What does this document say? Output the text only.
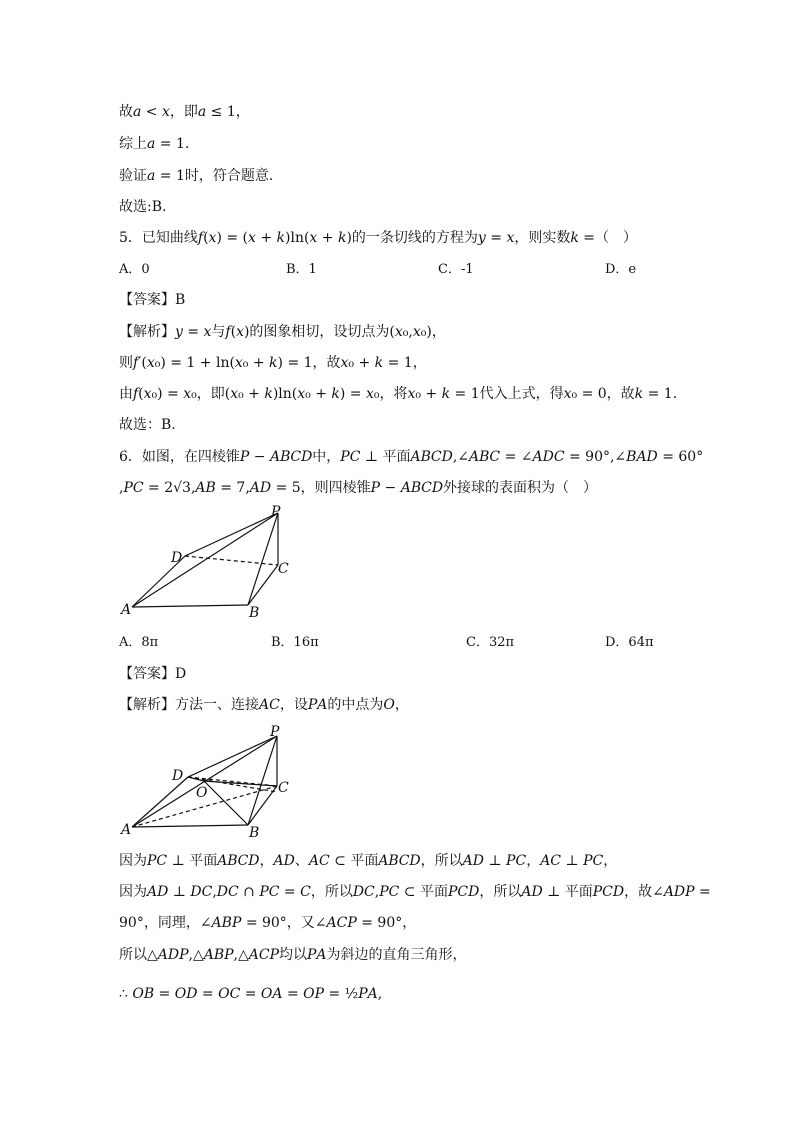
故𝑎 < 𝑥，即𝑎 ≤ 1，
综上𝑎 = 1.
验证𝑎 = 1时，符合题意.
故选:B.
5．已知曲线𝑓(𝑥) = (𝑥 + 𝑘)ln(𝑥 + 𝑘)的一条切线的方程为𝑦 = 𝑥，则实数𝑘 =（　）
A．0	B．1	C．-1	D．e
【答案】B
【解析】𝑦 = 𝑥与𝑓(𝑥)的图象相切，设切点为(𝑥₀,𝑥₀)，
则𝑓′(𝑥₀) = 1 + ln(𝑥₀ + 𝑘) = 1，故𝑥₀ + 𝑘 = 1，
由𝑓(𝑥₀) = 𝑥₀，即(𝑥₀ + 𝑘)ln(𝑥₀ + 𝑘) = 𝑥₀，将𝑥₀ + 𝑘 = 1代入上式，得𝑥₀ = 0，故𝑘 = 1.
故选：B.
6．如图，在四棱锥𝑃 − 𝐴𝐵𝐶𝐷中，𝑃𝐶 ⊥ 平面𝐴𝐵𝐶𝐷,∠𝐴𝐵𝐶 = ∠𝐴𝐷𝐶 = 90°,∠𝐵𝐴𝐷 = 60°
,𝑃𝐶 = 2√3,𝐴𝐵 = 7,𝐴𝐷 = 5，则四棱锥𝑃 − 𝐴𝐵𝐶𝐷外接球的表面积为（　）
P
D
C
A	B
A．8π	B．16π	C．32π	D．64π
【答案】D
【解析】方法一、连接𝐴𝐶，设𝑃𝐴的中点为𝑂，
P
D
O	C
A	B
因为𝑃𝐶 ⊥ 平面𝐴𝐵𝐶𝐷，𝐴𝐷、𝐴𝐶 ⊂ 平面𝐴𝐵𝐶𝐷，所以𝐴𝐷 ⊥ 𝑃𝐶，𝐴𝐶 ⊥ 𝑃𝐶，
因为𝐴𝐷 ⊥ 𝐷𝐶,𝐷𝐶 ∩ 𝑃𝐶 = 𝐶，所以𝐷𝐶,𝑃𝐶 ⊂ 平面𝑃𝐶𝐷，所以𝐴𝐷 ⊥ 平面𝑃𝐶𝐷，故∠𝐴𝐷𝑃 =
90°，同理，∠𝐴𝐵𝑃 = 90°，又∠𝐴𝐶𝑃 = 90°，
所以△𝐴𝐷𝑃,△𝐴𝐵𝑃,△𝐴𝐶𝑃均以𝑃𝐴为斜边的直角三角形，
∴ 𝑂𝐵 = 𝑂𝐷 = 𝑂𝐶 = 𝑂𝐴 = 𝑂𝑃 = ½𝑃𝐴,
